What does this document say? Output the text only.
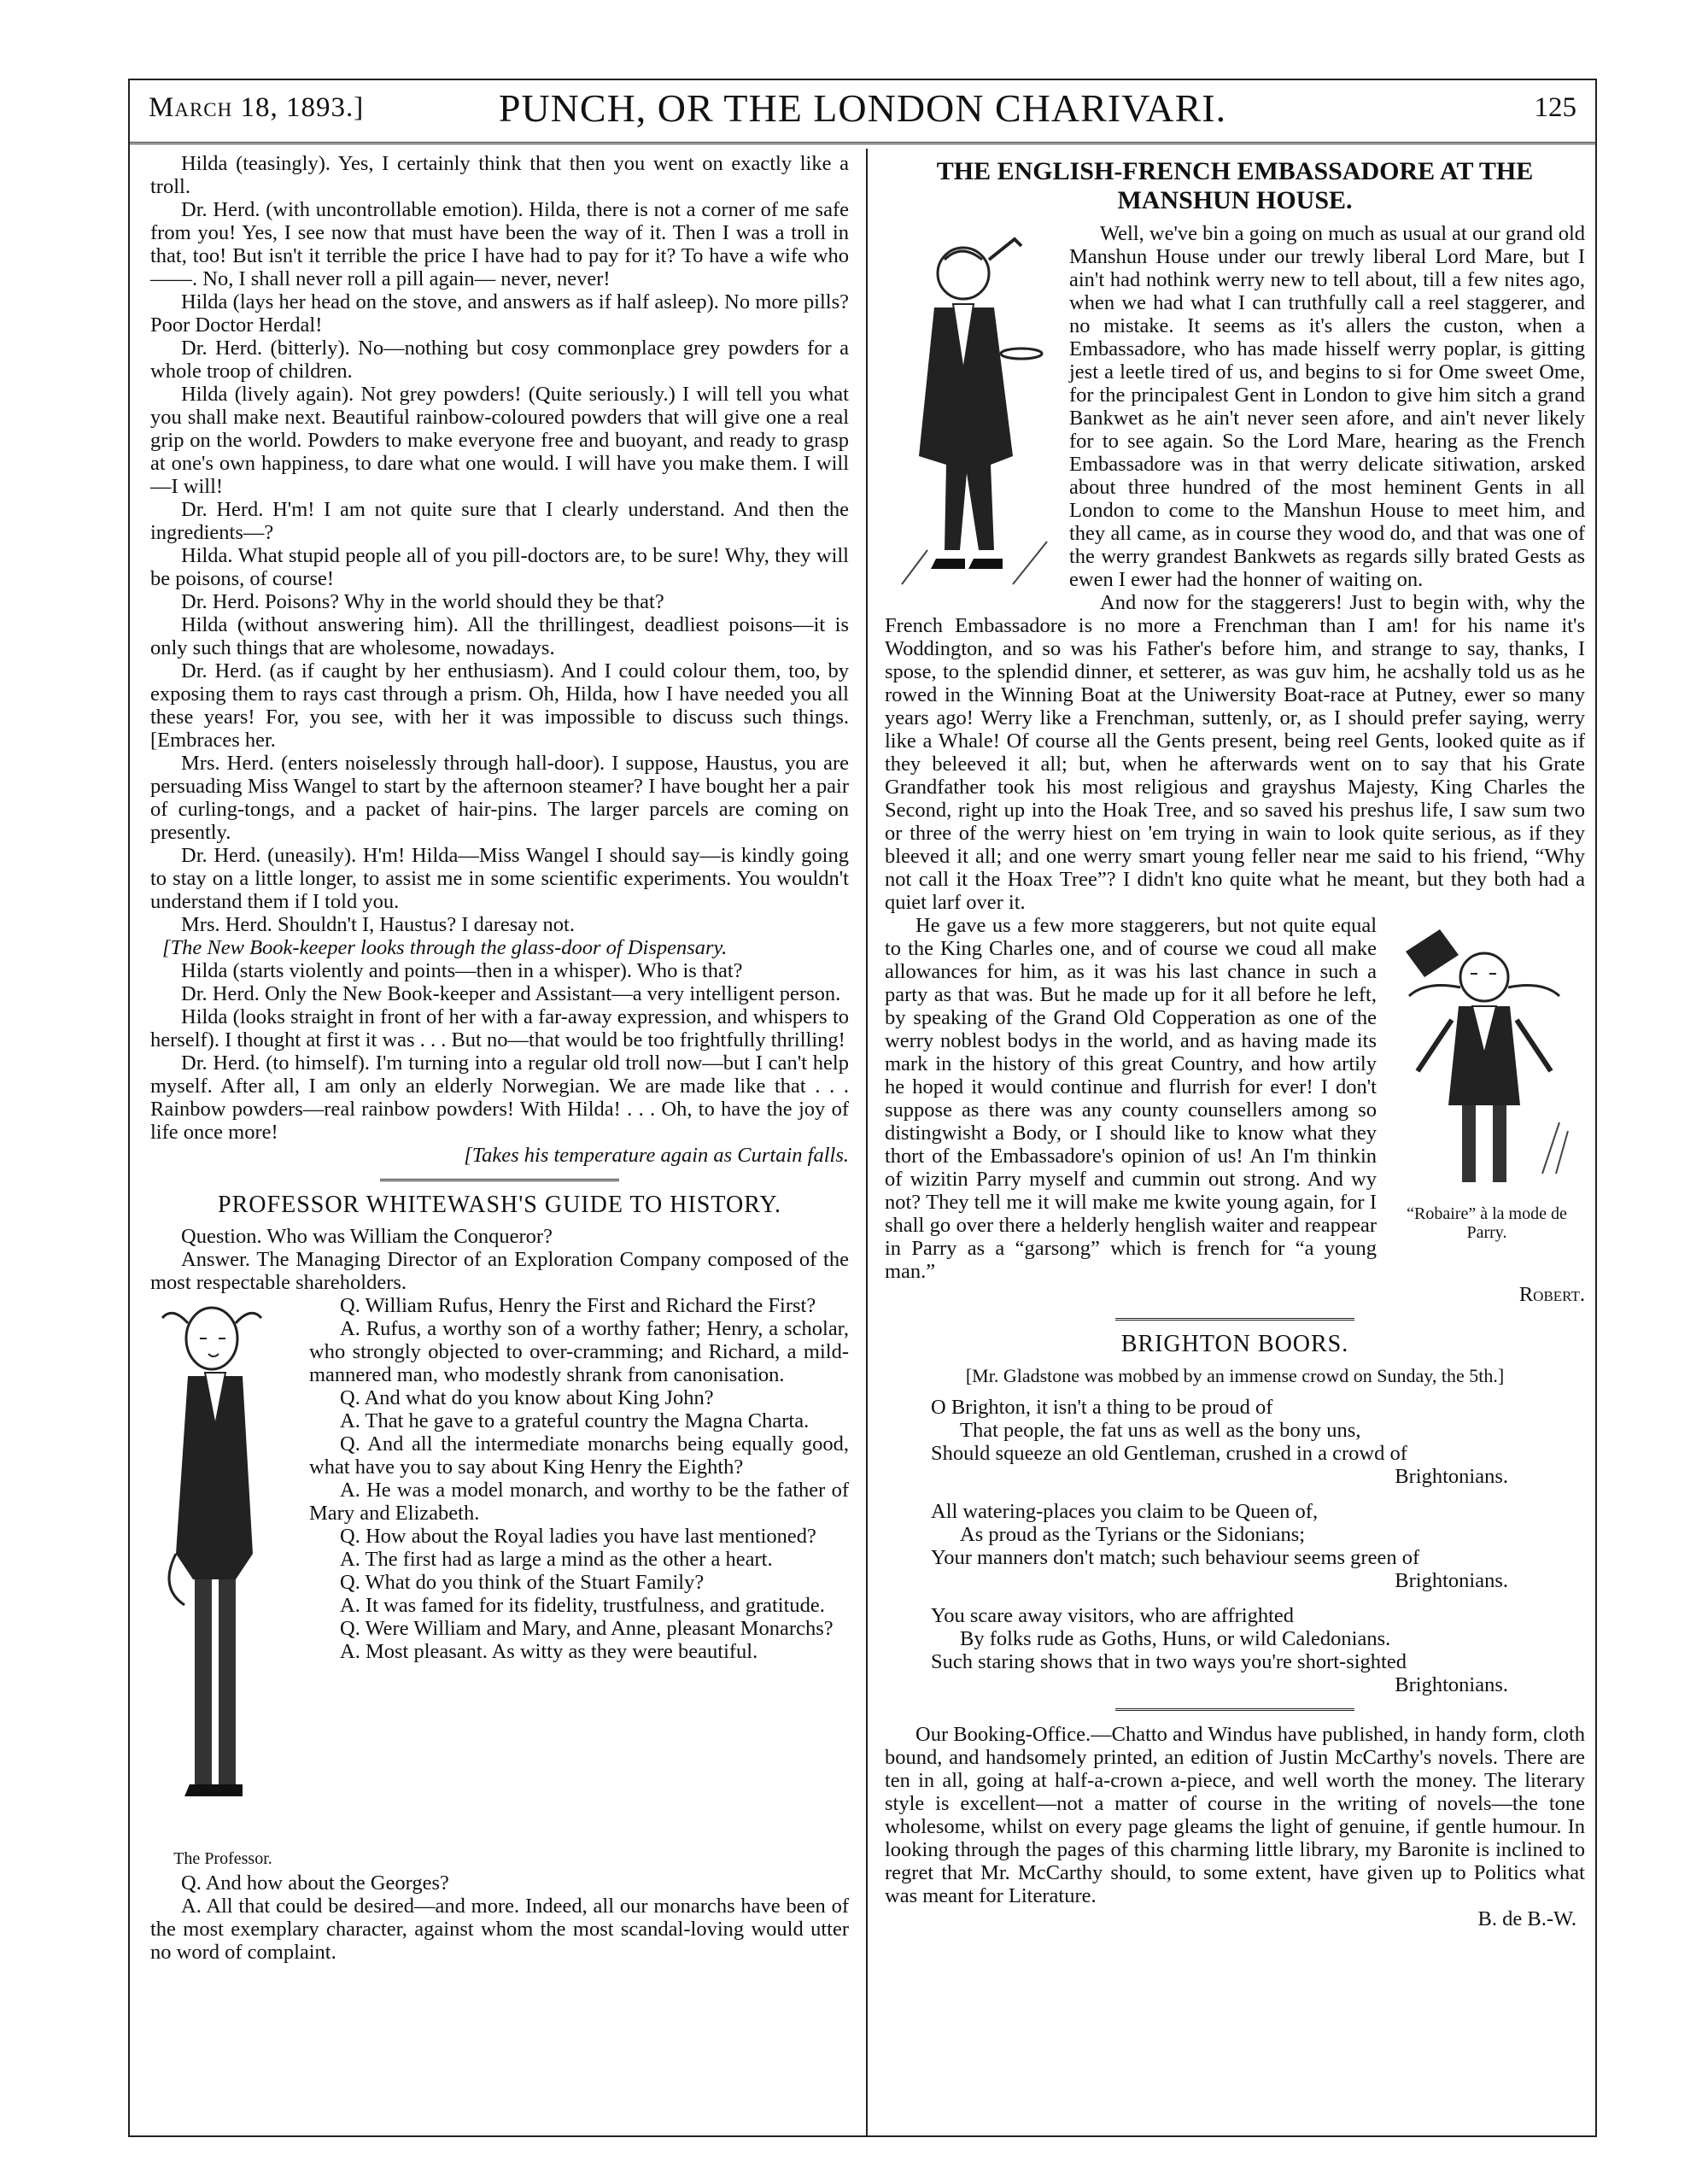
March 18, 1893.]	PUNCH, OR THE LONDON CHARIVARI.	125

Hilda (teasingly). Yes, I certainly think that then you went on exactly like a troll.

Dr. Herd. (with uncontrollable emotion). Hilda, there is not a corner of me safe from you! Yes, I see now that must have been the way of it. Then I was a troll in that, too! But isn't it terrible the price I have had to pay for it? To have a wife who——. No, I shall never roll a pill again— never, never!

Hilda (lays her head on the stove, and answers as if half asleep). No more pills? Poor Doctor Herdal!

Dr. Herd. (bitterly). No—nothing but cosy commonplace grey powders for a whole troop of children.

Hilda (lively again). Not grey powders! (Quite seriously.) I will tell you what you shall make next. Beautiful rainbow-coloured powders that will give one a real grip on the world. Powders to make everyone free and buoyant, and ready to grasp at one's own happiness, to dare what one would. I will have you make them. I will—I will!

Dr. Herd. H'm! I am not quite sure that I clearly understand. And then the ingredients—?

Hilda. What stupid people all of you pill-doctors are, to be sure! Why, they will be poisons, of course!

Dr. Herd. Poisons? Why in the world should they be that?

Hilda (without answering him). All the thrillingest, deadliest poisons—it is only such things that are wholesome, nowadays.

Dr. Herd. (as if caught by her enthusiasm). And I could colour them, too, by exposing them to rays cast through a prism. Oh, Hilda, how I have needed you all these years! For, you see, with her it was impossible to discuss such things. [Embraces her.

Mrs. Herd. (enters noiselessly through hall-door). I suppose, Haustus, you are persuading Miss Wangel to start by the afternoon steamer? I have bought her a pair of curling-tongs, and a packet of hair-pins. The larger parcels are coming on presently.

Dr. Herd. (uneasily). H'm! Hilda—Miss Wangel I should say—is kindly going to stay on a little longer, to assist me in some scientific experiments. You wouldn't understand them if I told you.

Mrs. Herd. Shouldn't I, Haustus? I daresay not.

[The New Book-keeper looks through the glass-door of Dispensary.

Hilda (starts violently and points—then in a whisper). Who is that?

Dr. Herd. Only the New Book-keeper and Assistant—a very intelligent person.

Hilda (looks straight in front of her with a far-away expression, and whispers to herself). I thought at first it was . . . But no—that would be too frightfully thrilling!

Dr. Herd. (to himself). I'm turning into a regular old troll now—but I can't help myself. After all, I am only an elderly Norwegian. We are made like that . . . Rainbow powders—real rainbow powders! With Hilda! . . . Oh, to have the joy of life once more!

[Takes his temperature again as Curtain falls.

PROFESSOR WHITEWASH'S GUIDE TO HISTORY.

Question. Who was William the Conqueror?

Answer. The Managing Director of an Exploration Company composed of the most respectable shareholders.

The Professor.

Q. William Rufus, Henry the First and Richard the First?

A. Rufus, a worthy son of a worthy father; Henry, a scholar, who strongly objected to over-cramming; and Richard, a mild-mannered man, who modestly shrank from canonisation.

Q. And what do you know about King John?

A. That he gave to a grateful country the Magna Charta.

Q. And all the intermediate monarchs being equally good, what have you to say about King Henry the Eighth?

A. He was a model monarch, and worthy to be the father of Mary and Elizabeth.

Q. How about the Royal ladies you have last mentioned?

A. The first had as large a mind as the other a heart.

Q. What do you think of the Stuart Family?

A. It was famed for its fidelity, trustfulness, and gratitude.

Q. Were William and Mary, and Anne, pleasant Monarchs?

A. Most pleasant. As witty as they were beautiful.

Q. And how about the Georges?

A. All that could be desired—and more. Indeed, all our monarchs have been of the most exemplary character, against whom the most scandal-loving would utter no word of complaint.

THE ENGLISH-FRENCH EMBASSADORE AT THE MANSHUN HOUSE.

Well, we've bin a going on much as usual at our grand old Manshun House under our trewly liberal Lord Mare, but I ain't had nothink werry new to tell about, till a few nites ago, when we had what I can truthfully call a reel staggerer, and no mistake. It seems as it's allers the custon, when a Embassadore, who has made hisself werry poplar, is gitting jest a leetle tired of us, and begins to si for Ome sweet Ome, for the principalest Gent in London to give him sitch a grand Bankwet as he ain't never seen afore, and ain't never likely for to see again. So the Lord Mare, hearing as the French Embassadore was in that werry delicate sitiwation, arsked about three hundred of the most heminent Gents in all London to come to the Manshun House to meet him, and they all came, as in course they wood do, and that was one of the werry grandest Bankwets as regards silly brated Gests as ewen I ewer had the honner of waiting on.

And now for the staggerers! Just to begin with, why the French Embassadore is no more a Frenchman than I am! for his name it's Woddington, and so was his Father's before him, and strange to say, thanks, I spose, to the splendid dinner, et setterer, as was guv him, he acshally told us as he rowed in the Winning Boat at the Uniwersity Boat-race at Putney, ewer so many years ago! Werry like a Frenchman, suttenly, or, as I should prefer saying, werry like a Whale! Of course all the Gents present, being reel Gents, looked quite as if they beleeved it all; but, when he afterwards went on to say that his Grate Grandfather took his most religious and grayshus Majesty, King Charles the Second, right up into the Hoak Tree, and so saved his preshus life, I saw sum two or three of the werry hiest on 'em trying in wain to look quite serious, as if they bleeved it all; and one werry smart young feller near me said to his friend, “Why not call it the Hoax Tree”? I didn't kno quite what he meant, but they both had a quiet larf over it.

“Robaire” à la mode de Parry.

He gave us a few more staggerers, but not quite equal to the King Charles one, and of course we coud all make allowances for him, as it was his last chance in such a party as that was. But he made up for it all before he left, by speaking of the Grand Old Copperation as one of the werry noblest bodys in the world, and as having made its mark in the history of this great Country, and how artily he hoped it would continue and flurrish for ever! I don't suppose as there was any county counsellers among so distingwisht a Body, or I should like to know what they thort of the Embassadore's opinion of us! An I'm thinkin of wizitin Parry myself and cummin out strong. And wy not? They tell me it will make me kwite young again, for I shall go over there a helderly henglish waiter and reappear in Parry as a “garsong” which is french for “a young man.”

Robert.
BRIGHTON BOORS.

[Mr. Gladstone was mobbed by an immense crowd on Sunday, the 5th.]

O Brighton, it isn't a thing to be proud of
That people, the fat uns as well as the bony uns,
Should squeeze an old Gentleman, crushed in a crowd of
Brightonians.
All watering-places you claim to be Queen of,
As proud as the Tyrians or the Sidonians;
Your manners don't match; such behaviour seems green of
Brightonians.
You scare away visitors, who are affrighted
By folks rude as Goths, Huns, or wild Caledonians.
Such staring shows that in two ways you're short-sighted
Brightonians.

Our Booking-Office.—Chatto and Windus have published, in handy form, cloth bound, and handsomely printed, an edition of Justin McCarthy's novels. There are ten in all, going at half-a-crown a-piece, and well worth the money. The literary style is excellent—not a matter of course in the writing of novels—the tone wholesome, whilst on every page gleams the light of genuine, if gentle humour. In looking through the pages of this charming little library, my Baronite is inclined to regret that Mr. McCarthy should, to some extent, have given up to Politics what was meant for Literature.

B. de B.-W.
